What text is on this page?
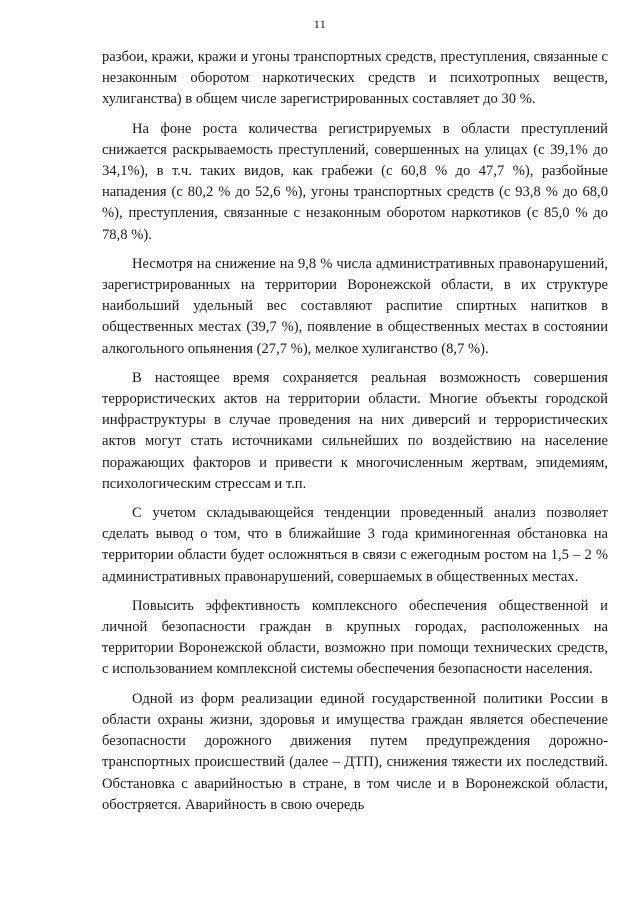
11

разбои, кражи, кражи и угоны транспортных средств, преступления, связанные с незаконным оборотом наркотических средств и психотропных веществ, хулиганства) в общем числе зарегистрированных составляет до 30 %.

На фоне роста количества регистрируемых в области преступлений снижается раскрываемость преступлений, совершенных на улицах (с 39,1% до 34,1%), в т.ч. таких видов, как грабежи (с 60,8 % до 47,7 %), разбойные нападения (с 80,2 % до 52,6 %), угоны транспортных средств (с 93,8 % до 68,0 %), преступления, связанные с незаконным оборотом наркотиков (с 85,0 % до 78,8 %).

Несмотря на снижение на 9,8 % числа административных правонарушений, зарегистрированных на территории Воронежской области, в их структуре наибольший удельный вес составляют распитие спиртных напитков в общественных местах (39,7 %), появление в общественных местах в состоянии алкогольного опьянения (27,7 %), мелкое хулиганство (8,7 %).

В настоящее время сохраняется реальная возможность совершения террористических актов на территории области. Многие объекты городской инфраструктуры в случае проведения на них диверсий и террористических актов могут стать источниками сильнейших по воздействию на население поражающих факторов и привести к многочисленным жертвам, эпидемиям, психологическим стрессам и т.п.

С учетом складывающейся тенденции проведенный анализ позволяет сделать вывод о том, что в ближайшие 3 года криминогенная обстановка на территории области будет осложняться в связи с ежегодным ростом на 1,5 – 2 % административных правонарушений, совершаемых в общественных местах.

Повысить эффективность комплексного обеспечения общественной и личной безопасности граждан в крупных городах, расположенных на территории Воронежской области, возможно при помощи технических средств, с использованием комплексной системы обеспечения безопасности населения.

Одной из форм реализации единой государственной политики России в области охраны жизни, здоровья и имущества граждан является обеспечение безопасности дорожного движения путем предупреждения дорожно-транспортных происшествий (далее – ДТП), снижения тяжести их последствий. Обстановка с аварийностью в стране, в том числе и в Воронежской области, обостряется. Аварийность в свою очередь
